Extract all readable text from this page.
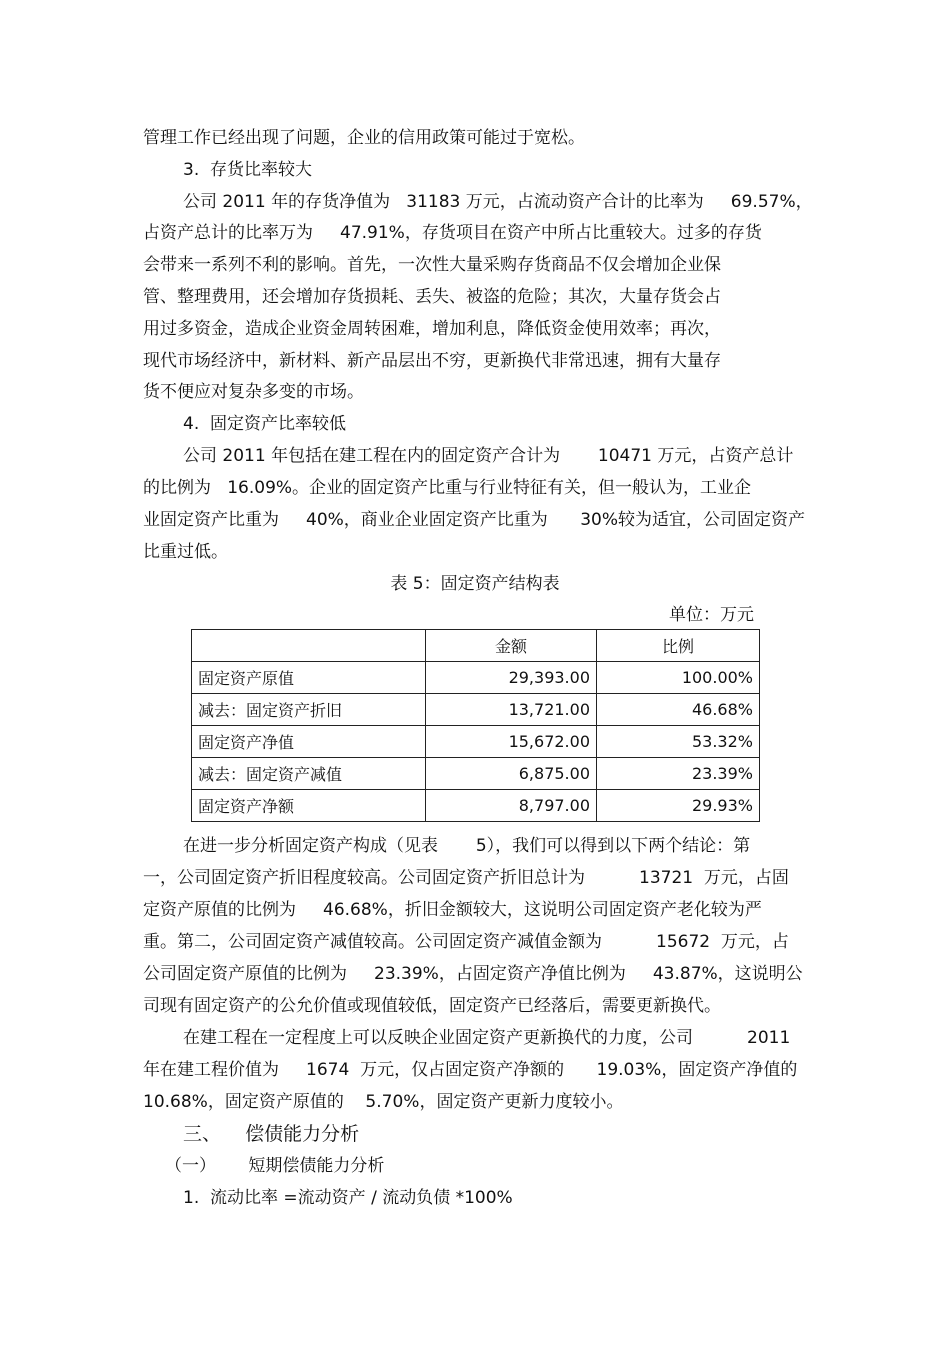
管理工作已经出现了问题，企业的信用政策可能过于宽松。
3.  存货比率较大
公司 2011 年的存货净值为   31183 万元，占流动资产合计的比率为     69.57%，
占资产总计的比率万为     47.91%，存货项目在资产中所占比重较大。过多的存货
会带来一系列不利的影响。首先，一次性大量采购存货商品不仅会增加企业保
管、整理费用，还会增加存货损耗、丢失、被盗的危险；其次，大量存货会占
用过多资金，造成企业资金周转困难，增加利息，降低资金使用效率；再次，
现代市场经济中，新材料、新产品层出不穷，更新换代非常迅速，拥有大量存
货不便应对复杂多变的市场。
4.  固定资产比率较低
公司 2011 年包括在建工程在内的固定资产合计为       10471 万元，占资产总计
的比例为   16.09%。企业的固定资产比重与行业特征有关，但一般认为，工业企
业固定资产比重为     40%，商业企业固定资产比重为      30%较为适宜，公司固定资产
比重过低。
表 5：固定资产结构表
单位：万元
	金额	比例
固定资产原值	29,393.00	100.00%
减去：固定资产折旧	13,721.00	46.68%
固定资产净值	15,672.00	53.32%
减去：固定资产减值	6,875.00	23.39%
固定资产净额	8,797.00	29.93%
在进一步分析固定资产构成（见表       5），我们可以得到以下两个结论：第
一，公司固定资产折旧程度较高。公司固定资产折旧总计为          13721  万元，占固
定资产原值的比例为     46.68%，折旧金额较大，这说明公司固定资产老化较为严
重。第二，公司固定资产减值较高。公司固定资产减值金额为          15672  万元，占
公司固定资产原值的比例为     23.39%，占固定资产净值比例为     43.87%，这说明公
司现有固定资产的公允价值或现值较低，固定资产已经落后，需要更新换代。
在建工程在一定程度上可以反映企业固定资产更新换代的力度，公司          2011
年在建工程价值为     1674  万元，仅占固定资产净额的      19.03%，固定资产净值的
10.68%，固定资产原值的    5.70%，固定资产更新力度较小。
三、    偿债能力分析
（一）      短期偿债能力分析
1.  流动比率 =流动资产 / 流动负债 *100%
